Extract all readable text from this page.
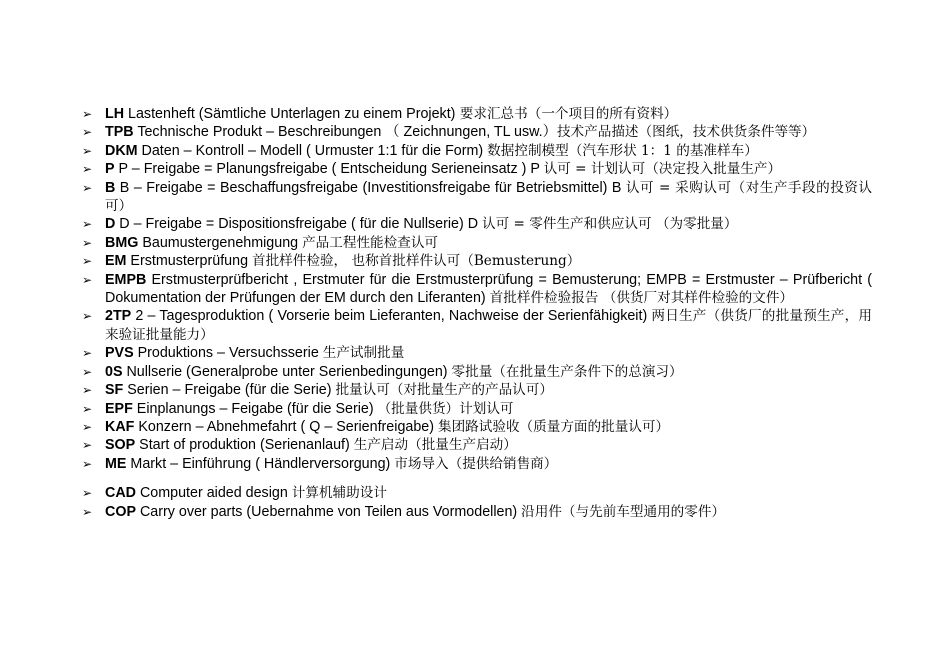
➢ LH Lastenheft (Sämtliche Unterlagen zu einem Projekt) 要求汇总书（一个项目的所有资料）
➢ TPB Technische Produkt – Beschreibungen （ Zeichnungen, TL usw.）技术产品描述（图纸，技术供货条件等等）
➢ DKM Daten – Kontroll – Modell ( Urmuster 1:1 für die Form) 数据控制模型（汽车形状 1：1 的基准样车）
➢ P P – Freigabe = Planungsfreigabe ( Entscheidung Serieneinsatz ) P 认可 = 计划认可（决定投入批量生产）
➢ B B – Freigabe = Beschaffungsfreigabe (Investitionsfreigabe für Betriebsmittel) B 认可 = 采购认可（对生产手段的投资认可）
➢ D D – Freigabe = Dispositionsfreigabe ( für die Nullserie) D 认可 = 零件生产和供应认可 （为零批量）
➢ BMG Baumustergenehmigung 产品工程性能检查认可
➢ EM Erstmusterprüfung 首批样件检验， 也称首批样件认可（Bemusterung）
➢ EMPB Erstmusterprüfbericht , Erstmuter für die Erstmusterprüfung = Bemusterung; EMPB = Erstmuster – Prüfbericht ( Dokumentation der Prüfungen der EM durch den Liferanten) 首批样件检验报告 （供货厂对其样件检验的文件）
➢ 2TP 2 – Tagesproduktion ( Vorserie beim Lieferanten, Nachweise der Serienfähigkeit) 两日生产（供货厂的批量预生产，用来验证批量能力）
➢ PVS Produktions – Versuchsserie 生产试制批量
➢ 0S Nullserie (Generalprobe unter Serienbedingungen) 零批量（在批量生产条件下的总演习）
➢ SF Serien – Freigabe (für die Serie) 批量认可（对批量生产的产品认可）
➢ EPF Einplanungs – Feigabe (für die Serie) （批量供货）计划认可
➢ KAF Konzern – Abnehmefahrt ( Q – Serienfreigabe) 集团路试验收（质量方面的批量认可）
➢ SOP Start of produktion (Serienanlauf) 生产启动（批量生产启动）
➢ ME Markt – Einführung ( Händlerversorgung) 市场导入（提供给销售商）
➢ CAD Computer aided design 计算机辅助设计
➢ COP Carry over parts (Uebernahme von Teilen aus Vormodellen) 沿用件（与先前车型通用的零件）
